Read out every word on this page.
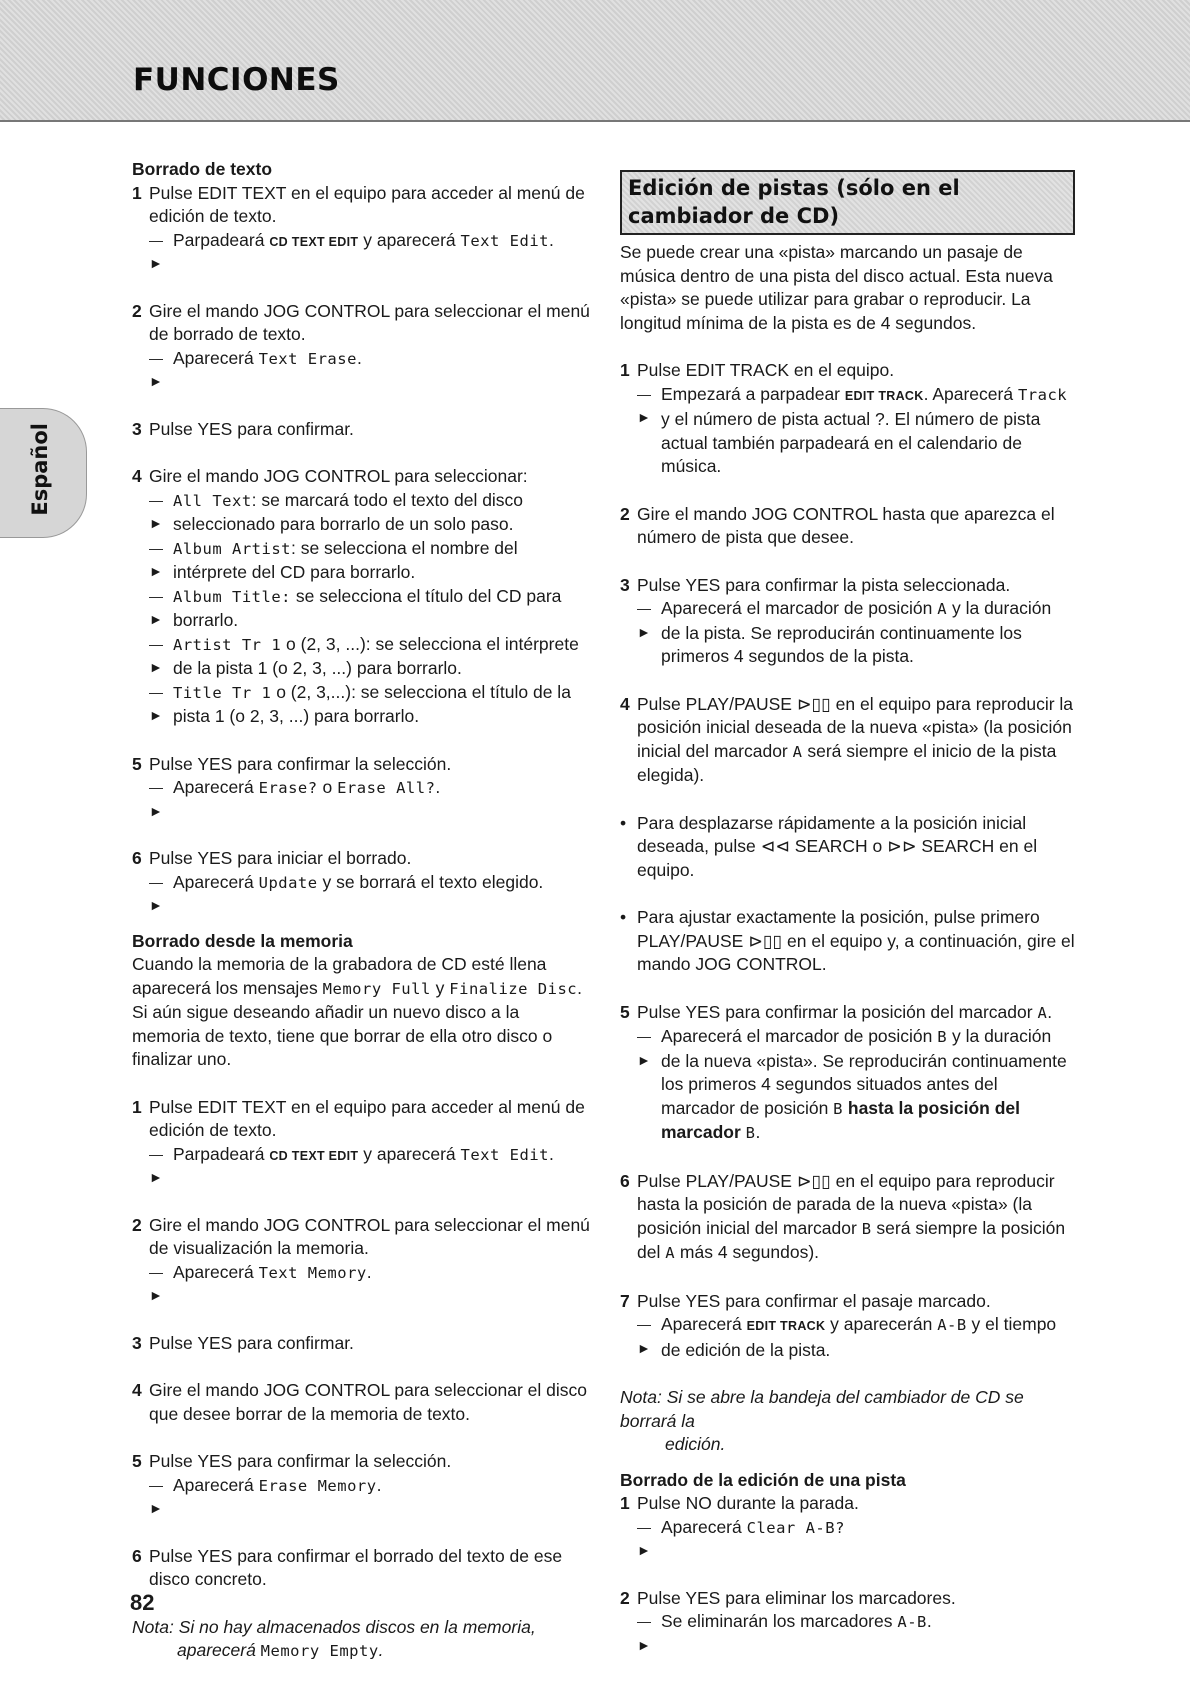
FUNCIONES
Español

Borrado de texto

1 Pulse EDIT TEXT en el equipo para acceder al menú de edición de texto.
—►
Parpadeará CD TEXT EDIT y aparecerá Text Edit.
2 Gire el mando JOG CONTROL para seleccionar el menú de borrado de texto.
—►
Aparecerá Text Erase.
3 Pulse YES para confirmar.
4 Gire el mando JOG CONTROL para seleccionar:
—►
All Text: se marcará todo el texto del disco seleccionado para borrarlo de un solo paso.
—►
Album Artist: se selecciona el nombre del intérprete del CD para borrarlo.
—►
Album Title: se selecciona el título del CD para borrarlo.
—►
Artist Tr 1 o (2, 3, ...): se selecciona el intérprete de la pista 1 (o 2, 3, ...) para borrarlo.
—►
Title Tr 1 o (2, 3,...): se selecciona el título de la pista 1 (o 2, 3, ...) para borrarlo.
5 Pulse YES para confirmar la selección.
—►
Aparecerá Erase? o Erase All?.
6 Pulse YES para iniciar el borrado.
—►
Aparecerá Update y se borrará el texto elegido.

Borrado desde la memoria

Cuando la memoria de la grabadora de CD esté llena aparecerá los mensajes Memory Full y Finalize Disc. Si aún sigue deseando añadir un nuevo disco a la memoria de texto, tiene que borrar de ella otro disco o finalizar uno.

1 Pulse EDIT TEXT en el equipo para acceder al menú de edición de texto.
—►
Parpadeará CD TEXT EDIT y aparecerá Text Edit.
2 Gire el mando JOG CONTROL para seleccionar el menú de visualización la memoria.
—►
Aparecerá Text Memory.
3 Pulse YES para confirmar.
4 Gire el mando JOG CONTROL para seleccionar el disco que desee borrar de la memoria de texto.
5 Pulse YES para confirmar la selección.
—►
Aparecerá Erase Memory.
6 Pulse YES para confirmar el borrado del texto de ese disco concreto.

Nota: Si no hay almacenados discos en la memoria,
aparecerá Memory Empty.

Edición de pistas (sólo en el cambiador de CD)

Se puede crear una «pista» marcando un pasaje de música dentro de una pista del disco actual. Esta nueva «pista» se puede utilizar para grabar o reproducir. La longitud mínima de la pista es de 4 segundos.

1 Pulse EDIT TRACK en el equipo.
—►
Empezará a parpadear EDIT TRACK. Aparecerá Track y el número de pista actual ?. El número de pista actual también parpadeará en el calendario de música.
2 Gire el mando JOG CONTROL hasta que aparezca el número de pista que desee.
3 Pulse YES para confirmar la pista seleccionada.
—►
Aparecerá el marcador de posición A y la duración de la pista. Se reproducirán continuamente los primeros 4 segundos de la pista.
4 Pulse PLAY/PAUSE ⊳▯▯ en el equipo para reproducir la posición inicial deseada de la nueva «pista» (la posición inicial del marcador A será siempre el inicio de la pista elegida).
• Para desplazarse rápidamente a la posición inicial deseada, pulse ⊲⊲ SEARCH o ⊳⊳ SEARCH en el equipo.
• Para ajustar exactamente la posición, pulse primero PLAY/PAUSE ⊳▯▯ en el equipo y, a continuación, gire el mando JOG CONTROL.
5 Pulse YES para confirmar la posición del marcador A.
—►
Aparecerá el marcador de posición B y la duración de la nueva «pista». Se reproducirán continuamente los primeros 4 segundos situados antes del marcador de posición B hasta la posición del marcador B.
6 Pulse PLAY/PAUSE ⊳▯▯ en el equipo para reproducir hasta la posición de parada de la nueva «pista» (la posición inicial del marcador B será siempre la posición del A más 4 segundos).
7 Pulse YES para confirmar el pasaje marcado.
—►
Aparecerá EDIT TRACK y aparecerán A-B y el tiempo de edición de la pista.

Nota: Si se abre la bandeja del cambiador de CD se borrará la
edición.

Borrado de la edición de una pista

1 Pulse NO durante la parada.
—►
Aparecerá Clear A-B?
2 Pulse YES para eliminar los marcadores.
—►
Se eliminarán los marcadores A-B.
82
